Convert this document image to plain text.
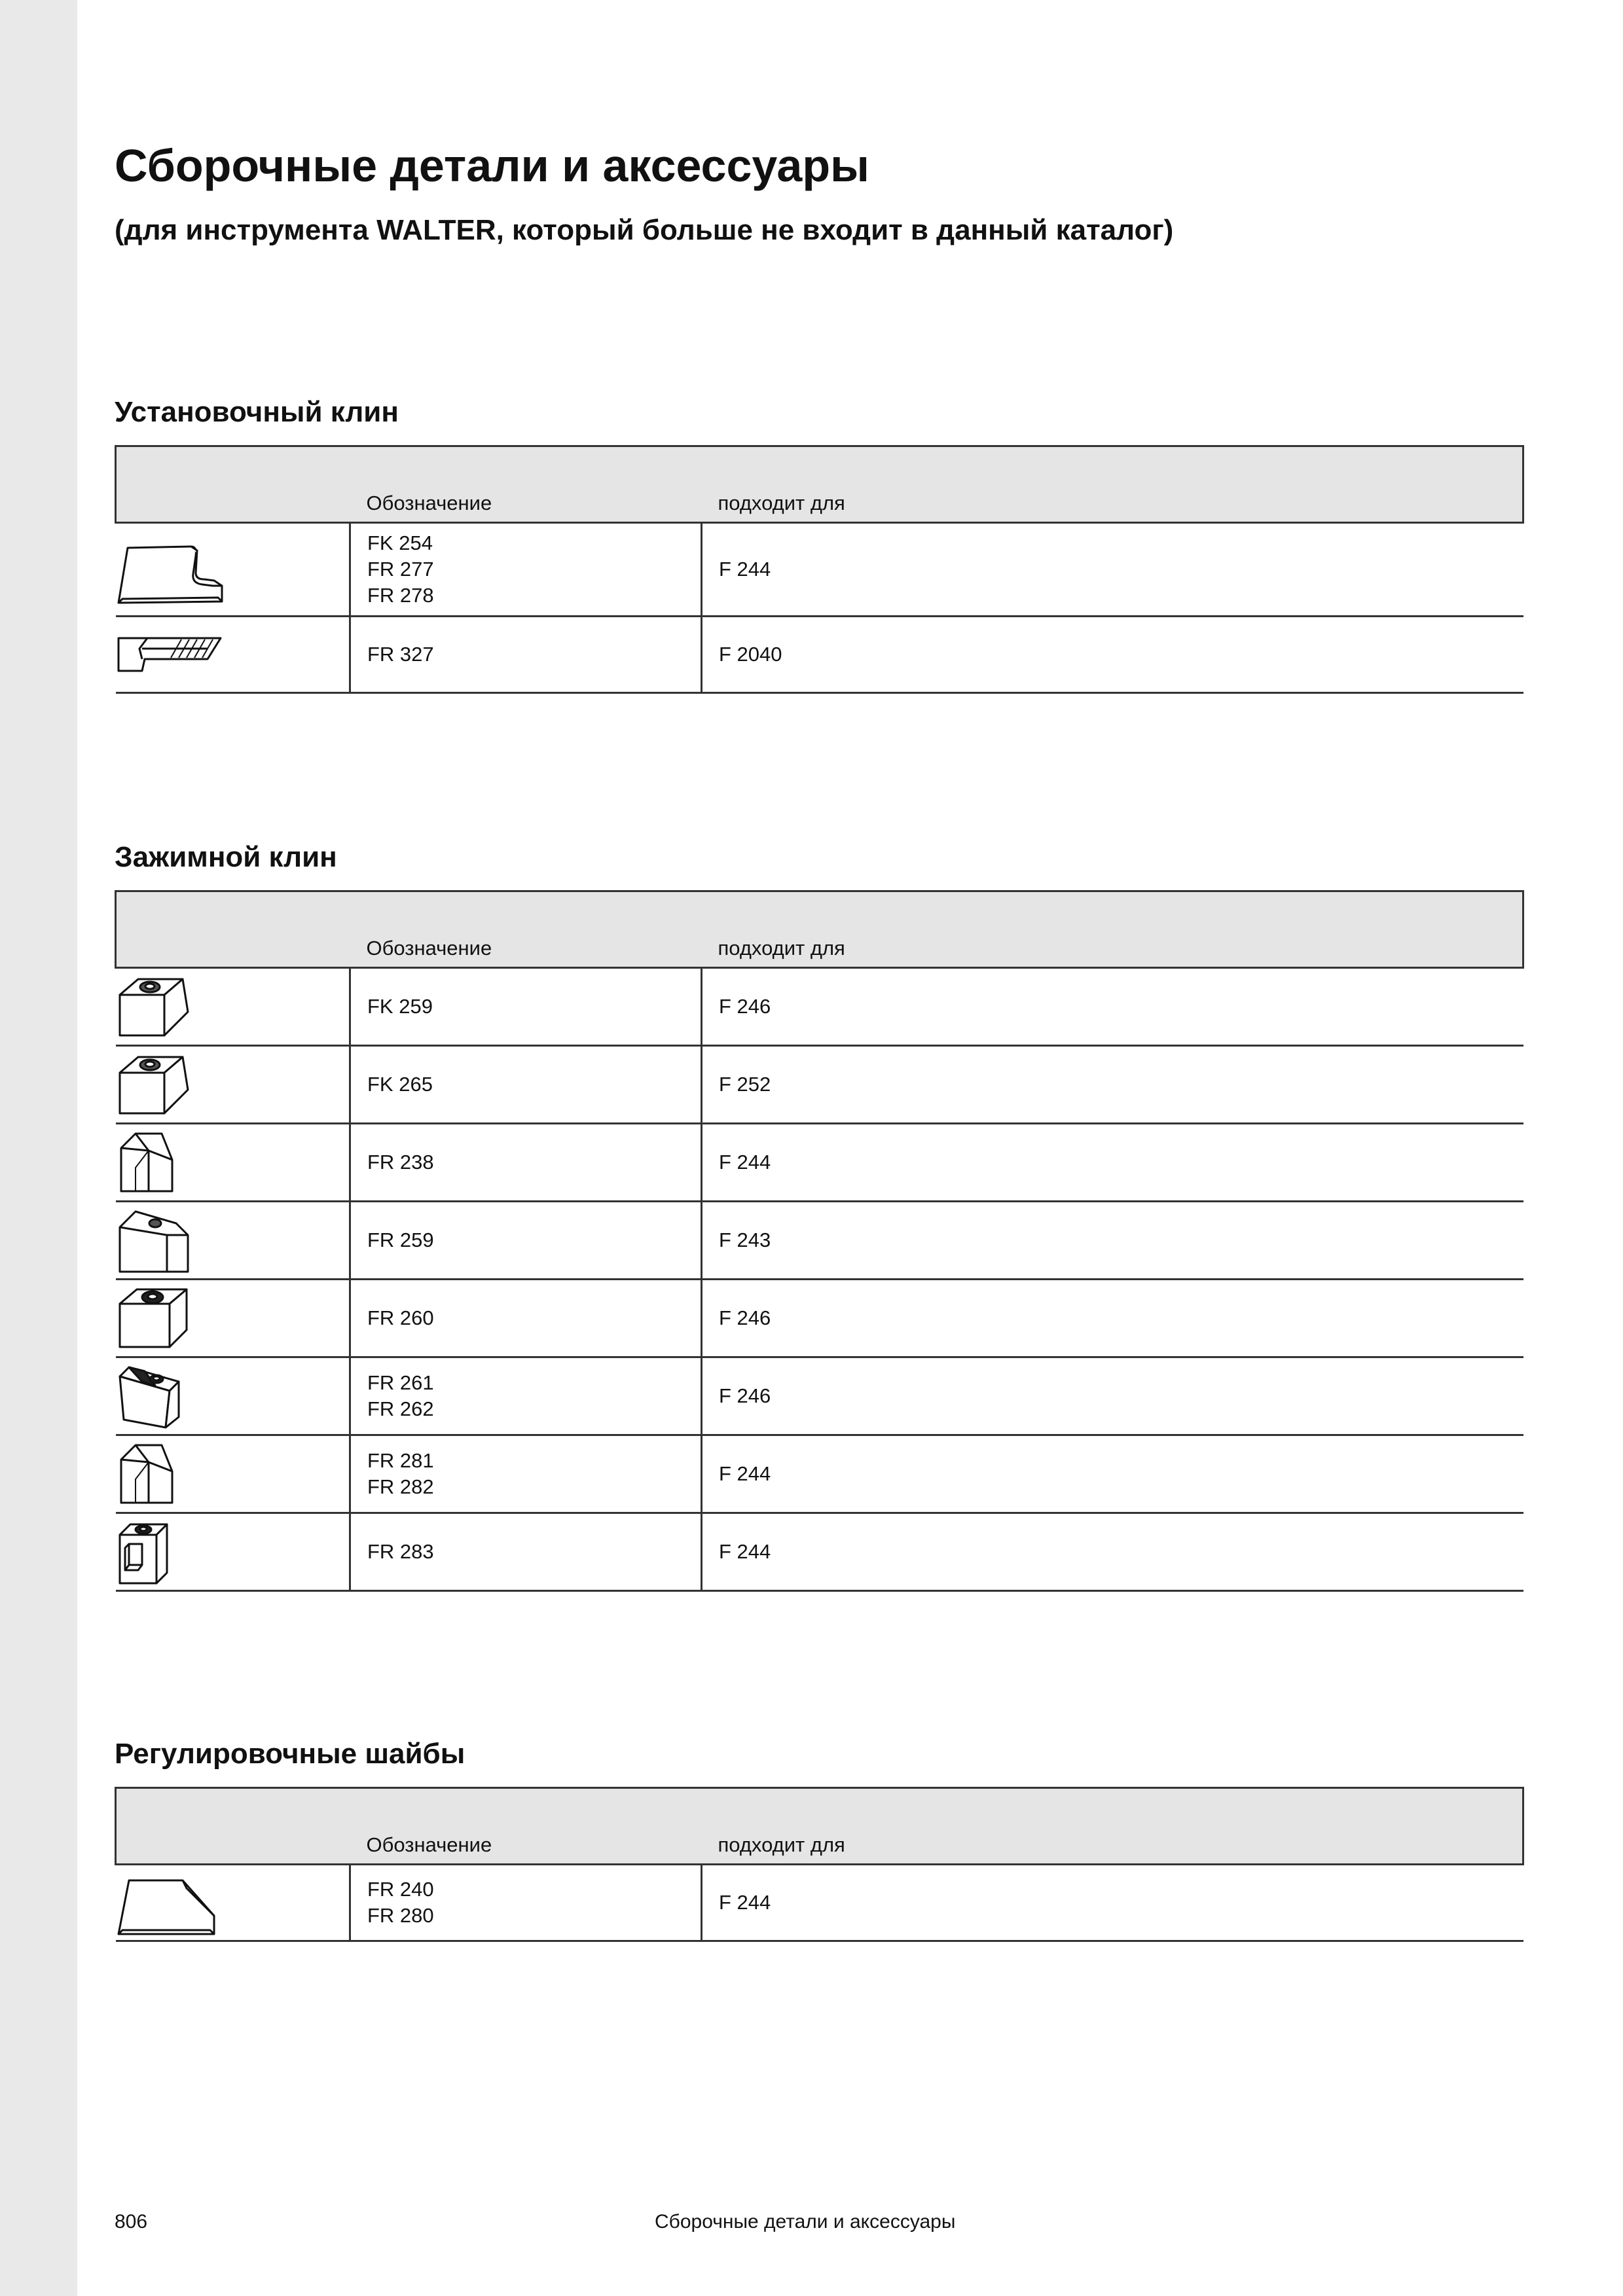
Сборочные детали и аксессуары

(для инструмента WALTER, который больше не входит в данный каталог)

Установочный клин
	Обозначение	подходит для

FK 254
FR 277
FR 278	F 244

FR 327	F 2040
Зажимной клин
	Обозначение	подходит для

FK 259	F 246

FK 265	F 252

FR 238	F 244

FR 259	F 243

FR 260	F 246

FR 261
FR 262	F 246

FR 281
FR 282	F 244

FR 283	F 244
Регулировочные шайбы
	Обозначение	подходит для

FR 240
FR 280	F 244
806	Сборочные детали и аксессуары
